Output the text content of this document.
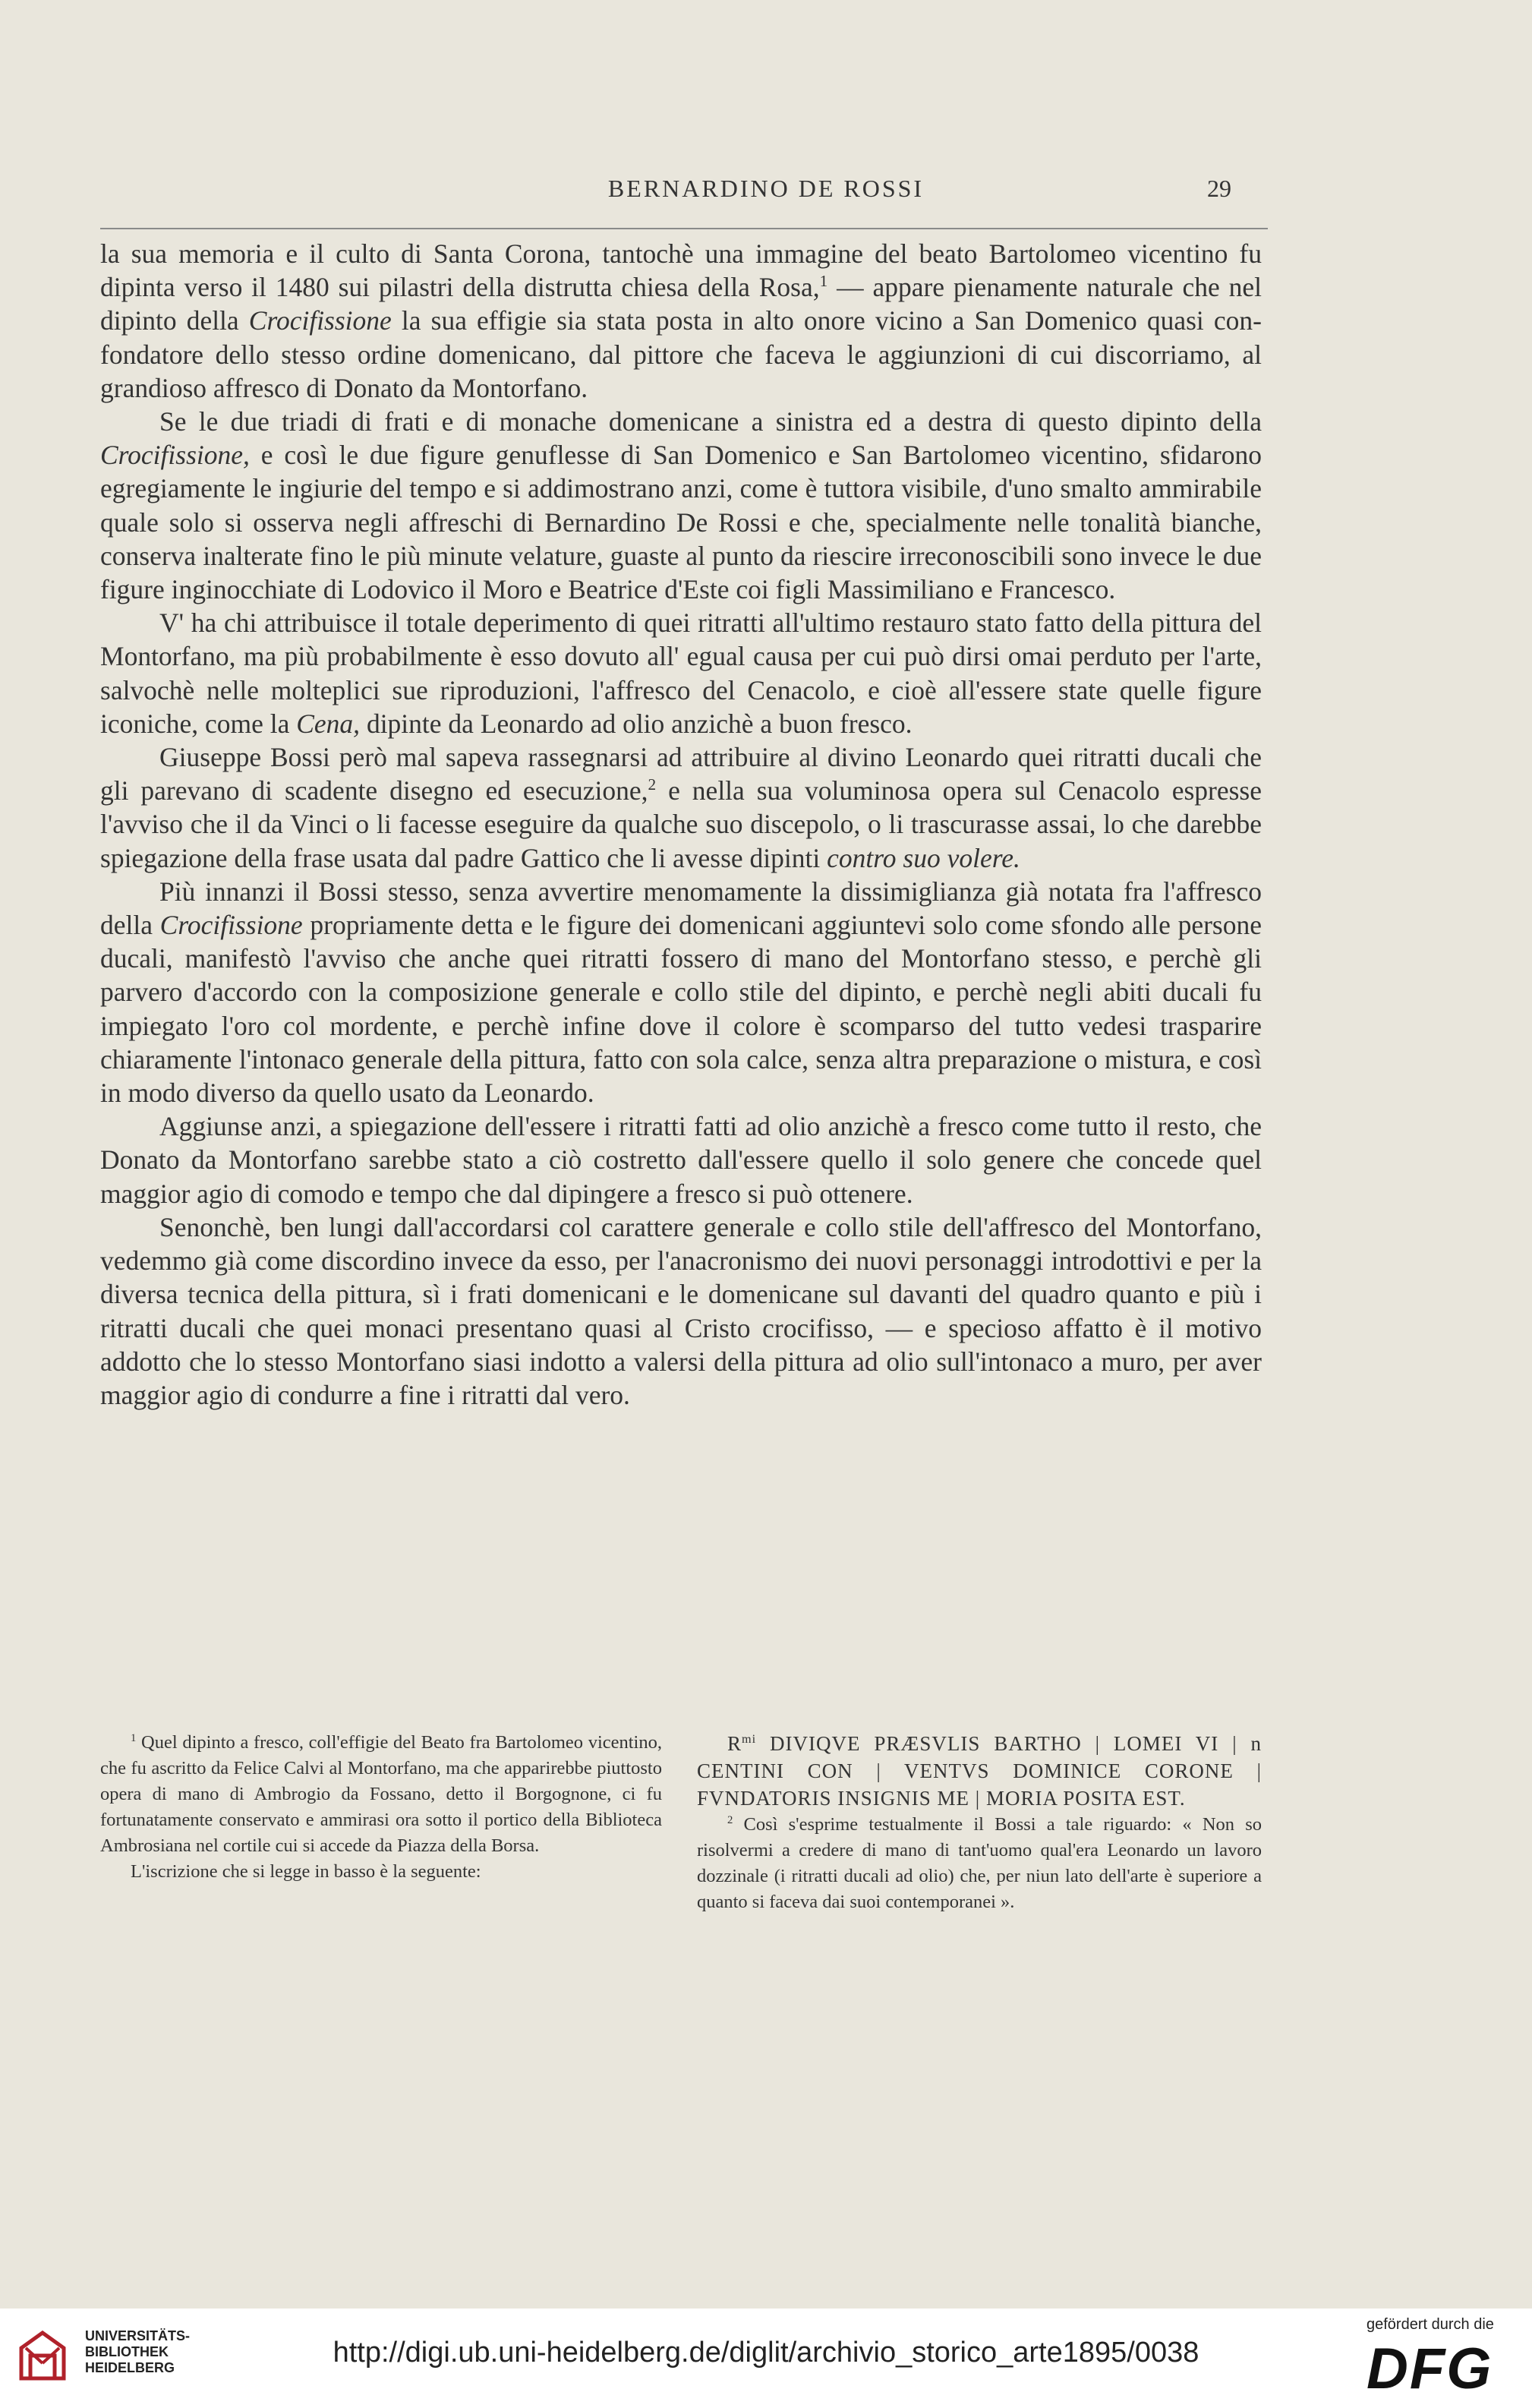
BERNARDINO DE ROSSI	29

la sua memoria e il culto di Santa Corona, tantochè una immagine del beato Bartolomeo vicentino fu dipinta verso il 1480 sui pilastri della distrutta chiesa della Rosa,$^1$ — appare pienamente naturale che nel dipinto della Crocifissione la sua effigie sia stata posta in alto onore vicino a San Domenico quasi con-fondatore dello stesso ordine domenicano, dal pittore che faceva le aggiunzioni di cui discorriamo, al grandioso affresco di Donato da Montorfano.

Se le due triadi di frati e di monache domenicane a sinistra ed a destra di questo dipinto della Crocifissione, e così le due figure genuflesse di San Domenico e San Bartolomeo vicentino, sfidarono egregiamente le ingiurie del tempo e si addimostrano anzi, come è tuttora visibile, d'uno smalto ammirabile quale solo si osserva negli affreschi di Bernardino De Rossi e che, specialmente nelle tonalità bianche, conserva inalterate fino le più minute velature, guaste al punto da riescire irreconoscibili sono invece le due figure inginocchiate di Lodovico il Moro e Beatrice d'Este coi figli Massimiliano e Francesco.

V' ha chi attribuisce il totale deperimento di quei ritratti all'ultimo restauro stato fatto della pittura del Montorfano, ma più probabilmente è esso dovuto all' egual causa per cui può dirsi omai perduto per l'arte, salvochè nelle molteplici sue riproduzioni, l'affresco del Cenacolo, e cioè all'essere state quelle figure iconiche, come la Cena, dipinte da Leonardo ad olio anzichè a buon fresco.

Giuseppe Bossi però mal sapeva rassegnarsi ad attribuire al divino Leonardo quei ritratti ducali che gli parevano di scadente disegno ed esecuzione,$^2$ e nella sua voluminosa opera sul Cenacolo espresse l'avviso che il da Vinci o li facesse eseguire da qualche suo discepolo, o li trascurasse assai, lo che darebbe spiegazione della frase usata dal padre Gattico che li avesse dipinti contro suo volere.

Più innanzi il Bossi stesso, senza avvertire menomamente la dissimiglianza già notata fra l'affresco della Crocifissione propriamente detta e le figure dei domenicani aggiuntevi solo come sfondo alle persone ducali, manifestò l'avviso che anche quei ritratti fossero di mano del Montorfano stesso, e perchè gli parvero d'accordo con la composizione generale e collo stile del dipinto, e perchè negli abiti ducali fu impiegato l'oro col mordente, e perchè infine dove il colore è scomparso del tutto vedesi trasparire chiaramente l'intonaco generale della pittura, fatto con sola calce, senza altra preparazione o mistura, e così in modo diverso da quello usato da Leonardo.

Aggiunse anzi, a spiegazione dell'essere i ritratti fatti ad olio anzichè a fresco come tutto il resto, che Donato da Montorfano sarebbe stato a ciò costretto dall'essere quello il solo genere che concede quel maggior agio di comodo e tempo che dal dipingere a fresco si può ottenere.

Senonchè, ben lungi dall'accordarsi col carattere generale e collo stile dell'affresco del Montorfano, vedemmo già come discordino invece da esso, per l'anacronismo dei nuovi personaggi introdottivi e per la diversa tecnica della pittura, sì i frati domenicani e le domenicane sul davanti del quadro quanto e più i ritratti ducali che quei monaci presentano quasi al Cristo crocifisso, — e specioso affatto è il motivo addotto che lo stesso Montorfano siasi indotto a valersi della pittura ad olio sull'intonaco a muro, per aver maggior agio di condurre a fine i ritratti dal vero.

$^1$ Quel dipinto a fresco, coll'effigie del Beato fra Bartolomeo vicentino, che fu ascritto da Felice Calvi al Montorfano, ma che apparirebbe piuttosto opera di mano di Ambrogio da Fossano, detto il Borgognone, ci fu fortunatamente conservato e ammirasi ora sotto il portico della Biblioteca Ambrosiana nel cortile cui si accede da Piazza della Borsa.

L'iscrizione che si legge in basso è la seguente:

$R^{mi}$ DIVIQVE PRÆSVLIS BARTHO | LOMEI VI | n CENTINI CON | VENTVS DOMINICE CORONE | FVNDATORIS INSIGNIS ME | MORIA POSITA EST.

$^2$ Così s'esprime testualmente il Bossi a tale riguardo: « Non so risolvermi a credere di mano di tant'uomo qual'era Leonardo un lavoro dozzinale (i ritratti ducali ad olio) che, per niun lato dell'arte è superiore a quanto si faceva dai suoi contemporanei ».

UNIVERSITÄTS-
BIBLIOTHEK
HEIDELBERG	http://digi.ub.uni-heidelberg.de/diglit/archivio_storico_arte1895/0038
gefördert durch die
DFG
